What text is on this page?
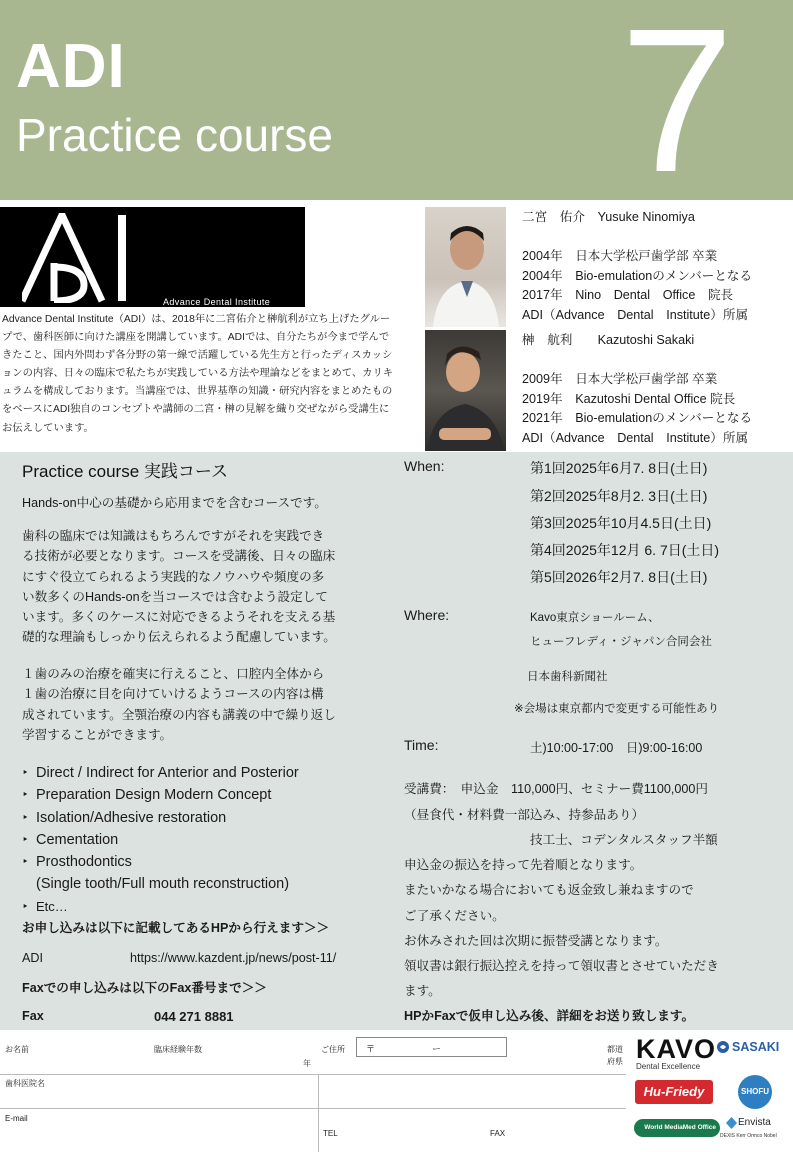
ADI
Practice course 7
Advance Dental Institute
Advance Dental Institute（ADI）は、2018年に二宮佑介と榊航利が立ち上げたグループで、歯科医師に向けた講座を開講しています。ADIでは、自分たちが今まで学んできたこと、国内外問わず各分野の第一線で活躍している先生方と行ったディスカッションの内容、日々の臨床で私たちが実践している方法や理論などをまとめて、カリキュラムを構成しております。当講座では、世界基準の知識・研究内容をまとめたものをベースにADI独自のコンセプトや講師の二宮・榊の見解を織り交ぜながら受講生にお伝えしています。
二宮　佑介　Yusuke Ninomiya
2004年　日本大学松戸歯学部 卒業
2004年　Bio-emulationのメンバーとなる
2017年　Nino　Dental　Office　院長
ADI（Advance　Dental　Institute）所属
榊　航利　　Kazutoshi Sakaki
2009年　日本大学松戸歯学部 卒業
2019年　Kazutoshi Dental Office 院長
2021年　Bio-emulationのメンバーとなる
ADI（Advance　Dental　Institute）所属
Practice course 実践コース
Hands-on中心の基礎から応用までを含むコースです。
歯科の臨床では知識はもちろんですがそれを実践でき
る技術が必要となります。コースを受講後、日々の臨床
にすぐ役立てられるよう実践的なノウハウや頻度の多
い数多くのHands-onを当コースでは含むよう設定して
います。多くのケースに対応できるようそれを支える基
礎的な理論もしっかり伝えられるよう配慮しています。
１歯のみの治療を確実に行えること、口腔内全体から
１歯の治療に目を向けていけるようコースの内容は構
成されています。全顎治療の内容も講義の中で繰り返し
学習することができます。
‣ Direct / Indirect for Anterior and Posterior
‣ Preparation Design Modern Concept
‣ Isolation/Adhesive restoration
‣ Cementation
‣ Prosthodontics
(Single tooth/Full mouth reconstruction)
‣ Etc…
お申し込みは以下に記載してあるHPから行えます＞＞
ADI	https://www.kazdent.jp/news/post-11/
Faxでの申し込みは以下のFax番号まで＞＞
Fax	044 271 8881
When:	第1回2025年6月7. 8日(土日)
第2回2025年8月2. 3日(土日)
第3回2025年10月4.5日(土日)
第4回2025年12月 6. 7日(土日)
第5回2026年2月7. 8日(土日)
Where:	Kavo東京ショールーム、
ヒューフレディ・ジャパン合同会社
日本歯科新聞社
※会場は東京都内で変更する可能性あり
Time:	土)10:00-17:00　日)9:00-16:00
受講費：　申込金　110,000円、セミナー費1100,000円
（昼食代・材料費一部込み、持参品あり）
技工士、コデンタルスタッフ半額
申込金の振込を持って先着順となります。
またいかなる場合においても返金致し兼ねますので
ご了承ください。
お休みされた回は次期に振替受講となります。
領収書は銀行振込控えを持って領収書とさせていただき
ます。
HPかFaxで仮申し込み後、詳細をお送り致します。
お名前	臨床経験年数
年
ご住所 〒	ー	都道
府県
歯科医院名
E-mail
TEL	FAX
KAVO
Dental Excellence
SASAKI
Hu-Friedy	SHOFU
World MediaMed Office	Envista
DEXIS Kerr Ormco Nobel
